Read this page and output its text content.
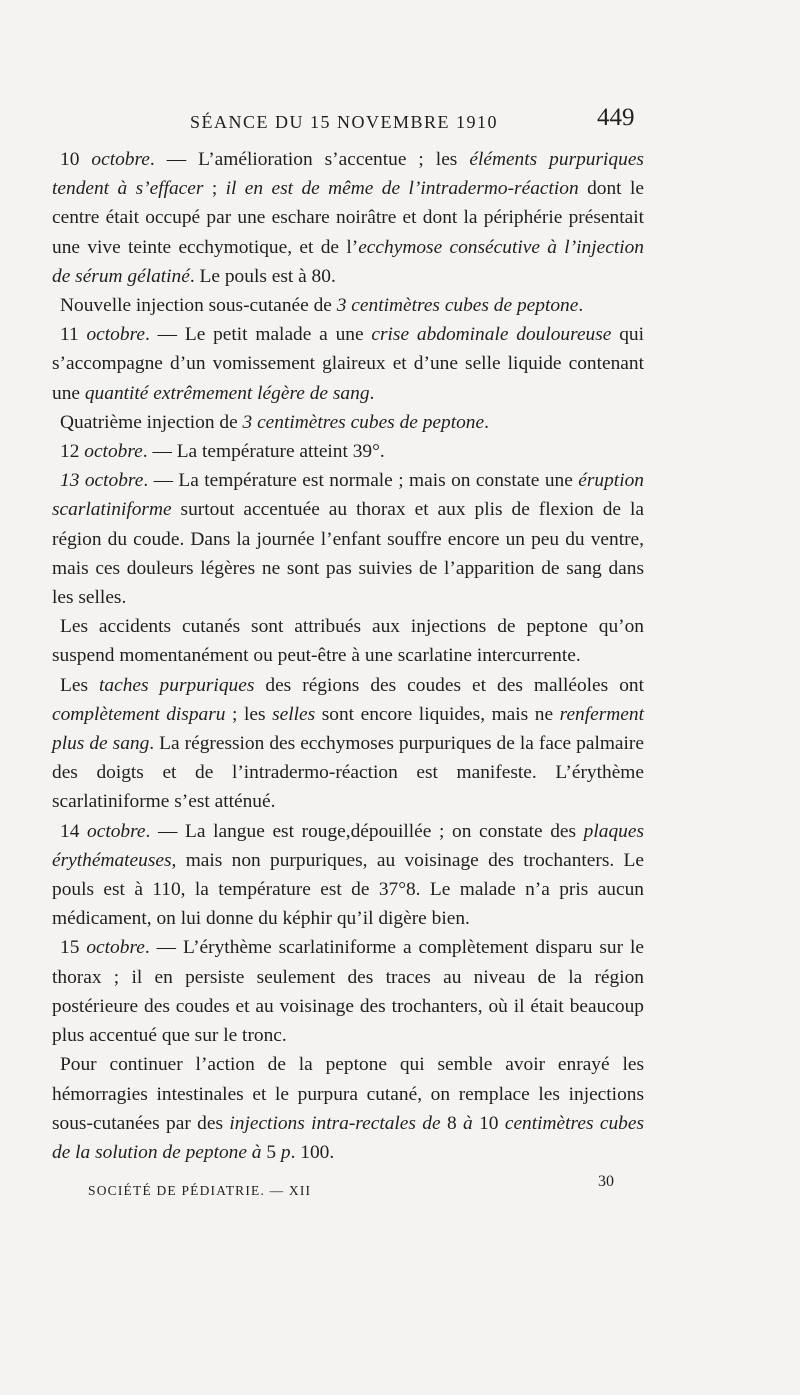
SÉANCE DU 15 NOVEMBRE 1910	449

10 octobre. — L’amélioration s’accentue ; les éléments purpuriques tendent à s’effacer ; il en est de même de l’intradermo-réaction dont le centre était occupé par une eschare noirâtre et dont la périphérie présentait une vive teinte ecchymotique, et de l’ecchymose consécutive à l’injection de sérum gélatiné. Le pouls est à 80.

Nouvelle injection sous-cutanée de 3 centimètres cubes de peptone.

11 octobre. — Le petit malade a une crise abdominale douloureuse qui s’accompagne d’un vomissement glaireux et d’une selle liquide contenant une quantité extrêmement légère de sang.

Quatrième injection de 3 centimètres cubes de peptone.

12 octobre. — La température atteint 39°.

13 octobre. — La température est normale ; mais on constate une éruption scarlatiniforme surtout accentuée au thorax et aux plis de flexion de la région du coude. Dans la journée l’enfant souffre encore un peu du ventre, mais ces douleurs légères ne sont pas suivies de l’apparition de sang dans les selles.

Les accidents cutanés sont attribués aux injections de peptone qu’on suspend momentanément ou peut-être à une scarlatine intercurrente.

Les taches purpuriques des régions des coudes et des malléoles ont complètement disparu ; les selles sont encore liquides, mais ne renferment plus de sang. La régression des ecchymoses purpuriques de la face palmaire des doigts et de l’intradermo-réaction est manifeste. L’érythème scarlatiniforme s’est atténué.

14 octobre. — La langue est rouge,dépouillée ; on constate des plaques érythémateuses, mais non purpuriques, au voisinage des trochanters. Le pouls est à 110, la température est de 37°8. Le malade n’a pris aucun médicament, on lui donne du képhir qu’il digère bien.

15 octobre. — L’érythème scarlatiniforme a complètement disparu sur le thorax ; il en persiste seulement des traces au niveau de la région postérieure des coudes et au voisinage des trochanters, où il était beaucoup plus accentué que sur le tronc.

Pour continuer l’action de la peptone qui semble avoir enrayé les hémorragies intestinales et le purpura cutané, on remplace les injections sous-cutanées par des injections intra-rectales de 8 à 10 centimètres cubes de la solution de peptone à 5 p. 100.

SOCIÉTÉ DE PÉDIATRIE. — XII
30
